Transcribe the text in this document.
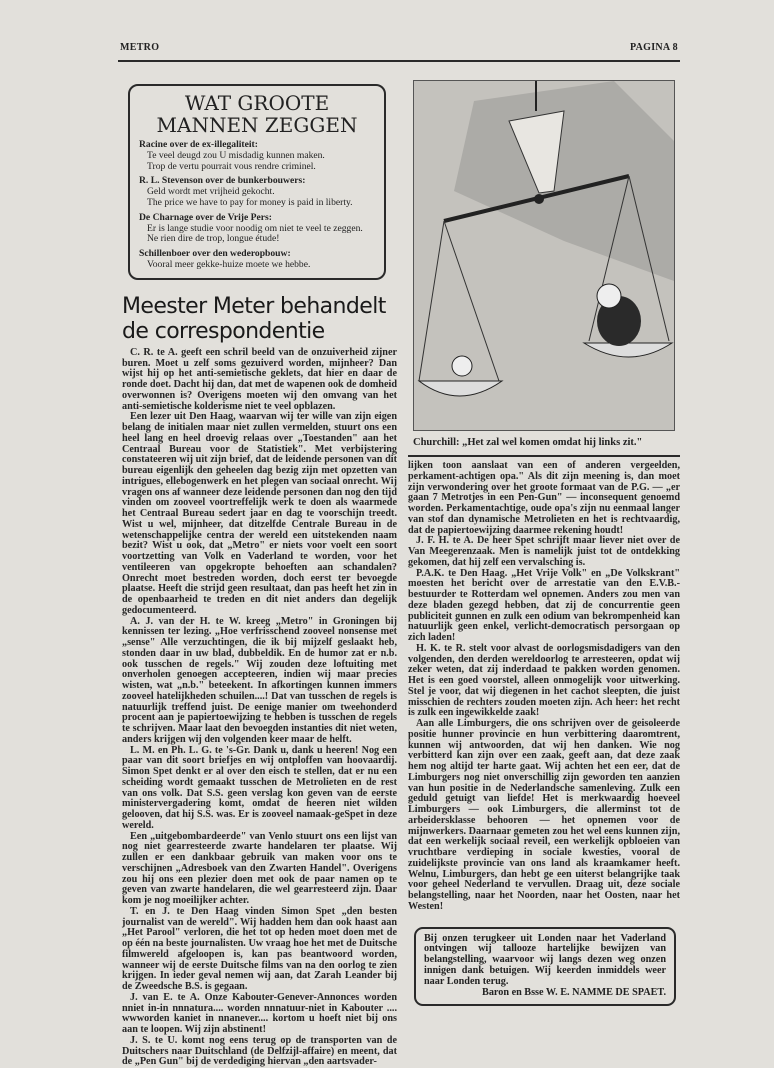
METRO	PAGINA 8
WAT GROOTE MANNEN ZEGGEN
Racine over de ex-illegaliteit:
Te veel deugd zou U misdadig kunnen maken.
Trop de vertu pourrait vous rendre criminel.
R. L. Stevenson over de bunkerbouwers:
Geld wordt met vrijheid gekocht.
The price we have to pay for money is paid in liberty.
De Charnage over de Vrije Pers:
Er is lange studie voor noodig om niet te veel te zeggen.
Ne rien dire de trop, longue étude!
Schillenboer over den wederopbouw:
Vooral meer gekke-huize moete we hebbe.
Meester Meter behandelt de correspondentie

C. R. te A. geeft een schril beeld van de onzuiverheid zijner buren. Moet u zelf soms gezuiverd worden, mijnheer? Dan wijst hij op het anti-semietische geklets, dat hier en daar de ronde doet. Dacht hij dan, dat met de wapenen ook de domheid overwonnen is? Overigens moeten wij den omvang van het anti-semietische kolderisme niet te veel opblazen.

Een lezer uit Den Haag, waarvan wij ter wille van zijn eigen belang de initialen maar niet zullen vermelden, stuurt ons een heel lang en heel droevig relaas over „Toestanden" aan het Centraal Bureau voor de Statistiek". Met verbijstering constateeren wij uit zijn brief, dat de leidende personen van dit bureau eigenlijk den geheelen dag bezig zijn met opzetten van intrigues, ellebogenwerk en het plegen van sociaal onrecht. Wij vragen ons af wanneer deze leidende personen dan nog den tijd vinden om zooveel voortreffelijk werk te doen als waarmede het Centraal Bureau sedert jaar en dag te voorschijn treedt. Wist u wel, mijnheer, dat ditzelfde Centrale Bureau in de wetenschappelijke centra der wereld een uitstekenden naam bezit? Wist u ook, dat „Metro" er niets voor voelt een soort voortzetting van Volk en Vaderland te worden, voor het ventileeren van opgekropte behoeften aan schandalen? Onrecht moet bestreden worden, doch eerst ter bevoegde plaatse. Heeft die strijd geen resultaat, dan pas heeft het zin in de openbaarheid te treden en dit niet anders dan degelijk gedocumenteerd.

A. J. van der H. te W. kreeg „Metro" in Groningen bij kennissen ter lezing. „Hoe verfrisschend zooveel nonsense met „sense" Alle verzuchtingen, die ik bij mijzelf geslaakt heb, stonden daar in uw blad, dubbeldik. En de humor zat er n.b. ook tusschen de regels." Wij zouden deze loftuiting met onverholen genoegen accepteeren, indien wij maar precies wisten, wat „n.b." beteekent. In afkortingen kunnen immers zooveel hatelijkheden schuilen....! Dat van tusschen de regels is natuurlijk treffend juist. De eenige manier om tweehonderd procent aan je papiertoewijzing te hebben is tusschen de regels te schrijven. Maar laat den bevoegden instanties dit niet weten, anders krijgen wij den volgenden keer maar de helft.

L. M. en Ph. L. G. te 's-Gr. Dank u, dank u heeren! Nog een paar van dit soort briefjes en wij ontploffen van hoovaardij. Simon Spet denkt er al over den eisch te stellen, dat er nu een scheiding wordt gemaakt tusschen de Metrolieten en de rest van ons volk. Dat S.S. geen verslag kon geven van de eerste ministervergadering komt, omdat de heeren niet wilden gelooven, dat hij S.S. was. Er is zooveel namaak-geSpet in deze wereld.

Een „uitgebombardeerde" van Venlo stuurt ons een lijst van nog niet gearresteerde zwarte handelaren ter plaatse. Wij zullen er een dankbaar gebruik van maken voor ons te verschijnen „Adresboek van den Zwarten Handel". Overigens zou hij ons een plezier doen met ook de paar namen op te geven van zwarte handelaren, die wel gearresteerd zijn. Daar kom je nog moeilijker achter.

T. en J. te Den Haag vinden Simon Spet „den besten journalist van de wereld". Wij hadden hem dan ook haast aan „Het Parool" verloren, die het tot op heden moet doen met de op één na beste journalisten. Uw vraag hoe het met de Duitsche filmwereld afgeloopen is, kan pas beantwoord worden, wanneer wij de eerste Duitsche films van na den oorlog te zien krijgen. In ieder geval nemen wij aan, dat Zarah Leander bij de Zweedsche B.S. is gegaan.

J. van E. te A. Onze Kabouter-Genever-Annonces worden nniet in-in nnnatura.... worden nnnatuur-niet in Kabouter .... wwworden kaniet in nnanever.... kortom u hoeft niet bij ons aan te loopen. Wij zijn abstinent!

J. S. te U. komt nog eens terug op de transporten van de Duitschers naar Duitschland (de Delfzijl-affaire) en meent, dat de „Pen Gun" bij de verdediging hiervan „den aartsvader-

Churchill: „Het zal wel komen omdat hij links zit."

lijken toon aanslaat van een of anderen vergeelden, perkament-achtigen opa." Als dit zijn meening is, dan moet zijn verwondering over het groote formaat van de P.G. — „er gaan 7 Metrotjes in een Pen-Gun" — inconsequent genoemd worden. Perkamentachtige, oude opa's zijn nu eenmaal langer van stof dan dynamische Metrolieten en het is rechtvaardig, dat de papiertoewijzing daarmee rekening houdt!

J. F. H. te A. De heer Spet schrijft maar liever niet over de Van Meegerenzaak. Men is namelijk juist tot de ontdekking gekomen, dat hij zelf een vervalsching is.

P.A.K. te Den Haag. „Het Vrije Volk" en „De Volkskrant" moesten het bericht over de arrestatie van den E.V.B.-bestuurder te Rotterdam wel opnemen. Anders zou men van deze bladen gezegd hebben, dat zij de concurrentie geen publiciteit gunnen en zulk een odium van bekrompenheid kan natuurlijk geen enkel, verlicht-democratisch persorgaan op zich laden!

H. K. te R. stelt voor alvast de oorlogsmisdadigers van den volgenden, den derden wereldoorlog te arresteeren, opdat wij zeker weten, dat zij inderdaad te pakken worden genomen. Het is een goed voorstel, alleen onmogelijk voor uitwerking. Stel je voor, dat wij diegenen in het cachot sleepten, die juist misschien de rechters zouden moeten zijn. Ach heer: het recht is zulk een ingewikkelde zaak!

Aan alle Limburgers, die ons schrijven over de geisoleerde positie hunner provincie en hun verbittering daaromtrent, kunnen wij antwoorden, dat wij hen danken. Wie nog verbitterd kan zijn over een zaak, geeft aan, dat deze zaak hem nog altijd ter harte gaat. Wij achten het een eer, dat de Limburgers nog niet onverschillig zijn geworden ten aanzien van hun positie in de Nederlandsche samenleving. Zulk een geduld getuigt van liefde! Het is merkwaardig hoeveel Limburgers — ook Limburgers, die allerminst tot de arbeidersklasse behooren — het opnemen voor de mijnwerkers. Daarnaar gemeten zou het wel eens kunnen zijn, dat een werkelijk sociaal reveil, een werkelijk opbloeien van vruchtbare verdieping in sociale kwesties, vooral de zuidelijkste provincie van ons land als kraamkamer heeft. Welnu, Limburgers, dan hebt ge een uiterst belangrijke taak voor geheel Nederland te vervullen. Draag uit, deze sociale belangstelling, naar het Noorden, naar het Oosten, naar het Westen!

Bij onzen terugkeer uit Londen naar het Vaderland ontvingen wij tallooze hartelijke bewijzen van belangstelling, waarvoor wij langs dezen weg onzen innigen dank betuigen. Wij keerden inmiddels weer naar Londen terug.
Baron en Bsse W. E. NAMME DE SPAET.
